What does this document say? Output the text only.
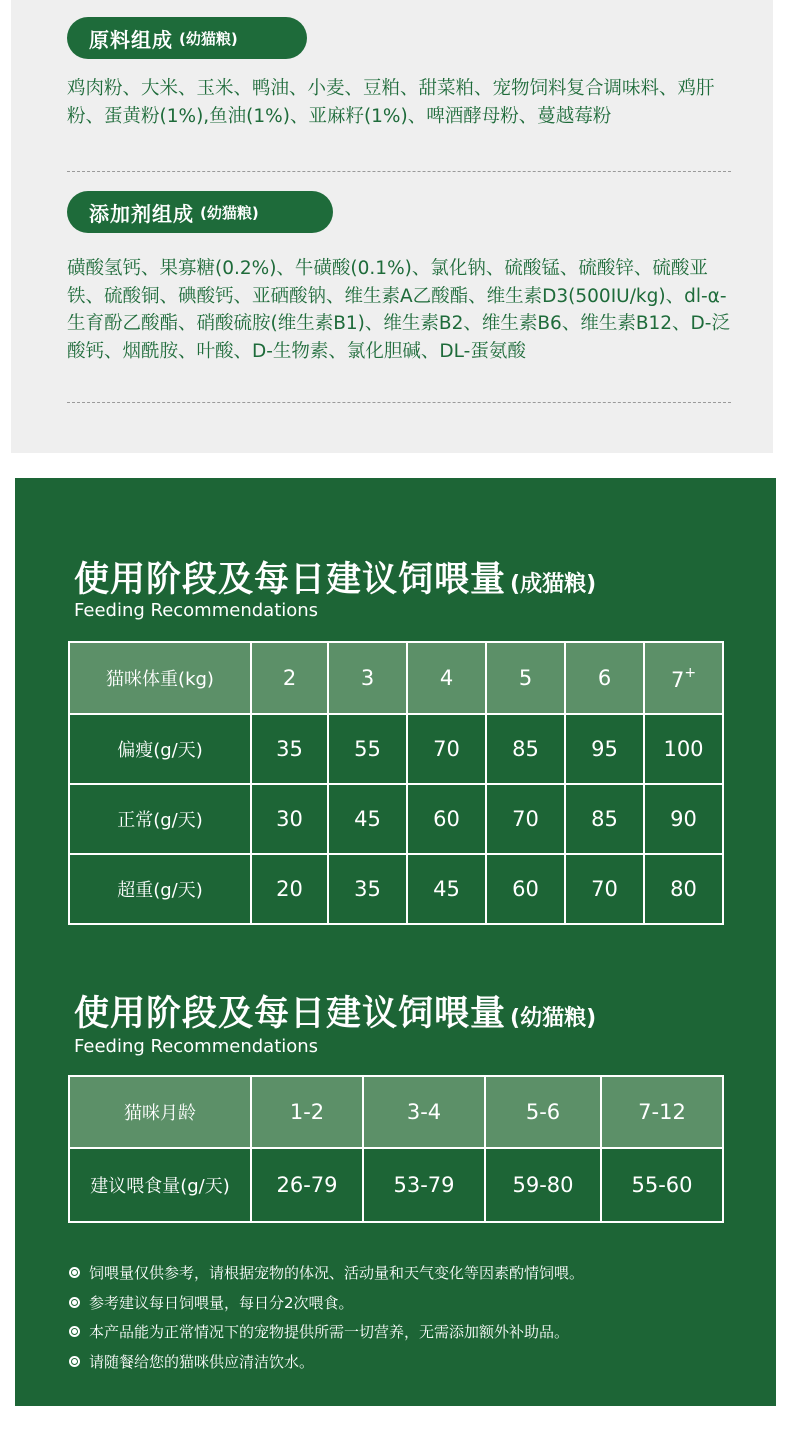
原料组成 (幼猫粮)
鸡肉粉、大米、玉米、鸭油、小麦、豆粕、甜菜粕、宠物饲料复合调味料、鸡肝粉、蛋黄粉(1%),鱼油(1%)、亚麻籽(1%)、啤酒酵母粉、蔓越莓粉
添加剂组成 (幼猫粮)
磺酸氢钙、果寡糖(0.2%)、牛磺酸(0.1%)、氯化钠、硫酸锰、硫酸锌、硫酸亚铁、硫酸铜、碘酸钙、亚硒酸钠、维生素A乙酸酯、维生素D3(500IU/kg)、dl-α-生育酚乙酸酯、硝酸硫胺(维生素B1)、维生素B2、维生素B6、维生素B12、D-泛酸钙、烟酰胺、叶酸、D-生物素、氯化胆碱、DL-蛋氨酸
使用阶段及每日建议饲喂量 (成猫粮)
Feeding Recommendations
猫咪体重(kg)	2	3	4	5	6	7+
偏瘦(g/天)	35	55	70	85	95	100
正常(g/天)	30	45	60	70	85	90
超重(g/天)	20	35	45	60	70	80
使用阶段及每日建议饲喂量 (幼猫粮)
Feeding Recommendations
猫咪月龄	1-2	3-4	5-6	7-12
建议喂食量(g/天)	26-79	53-79	59-80	55-60
饲喂量仅供参考，请根据宠物的体况、活动量和天气变化等因素酌情饲喂。
参考建议每日饲喂量，每日分2次喂食。
本产品能为正常情况下的宠物提供所需一切营养，无需添加额外补助品。
请随餐给您的猫咪供应清洁饮水。
